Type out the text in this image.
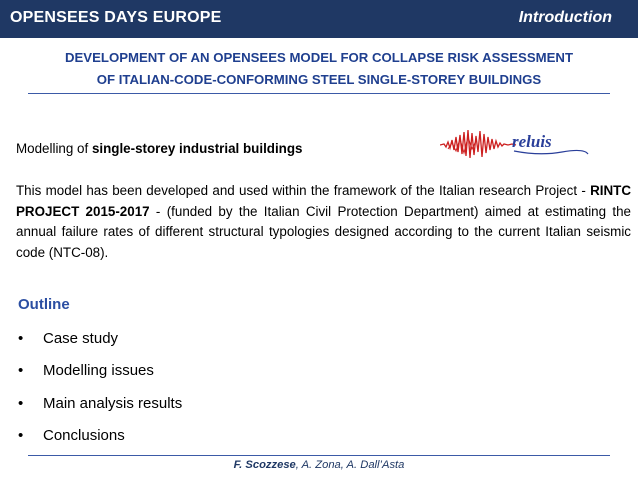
OPENSEES DAYS EUROPE	Introduction
DEVELOPMENT OF AN OPENSEES MODEL FOR COLLAPSE RISK ASSESSMENT
OF ITALIAN-CODE-CONFORMING STEEL SINGLE-STOREY BUILDINGS
Modelling of single-storey industrial buildings	reluis
This model has been developed and used within the framework of the Italian research Project - RINTC PROJECT 2015-2017 - (funded by the Italian Civil Protection Department) aimed at estimating the annual failure rates of different structural typologies designed according to the current Italian seismic code (NTC-08).
Outline
•	Case study
•	Modelling issues
•	Main analysis results
•	Conclusions
F. Scozzese, A. Zona, A. Dall’Asta
